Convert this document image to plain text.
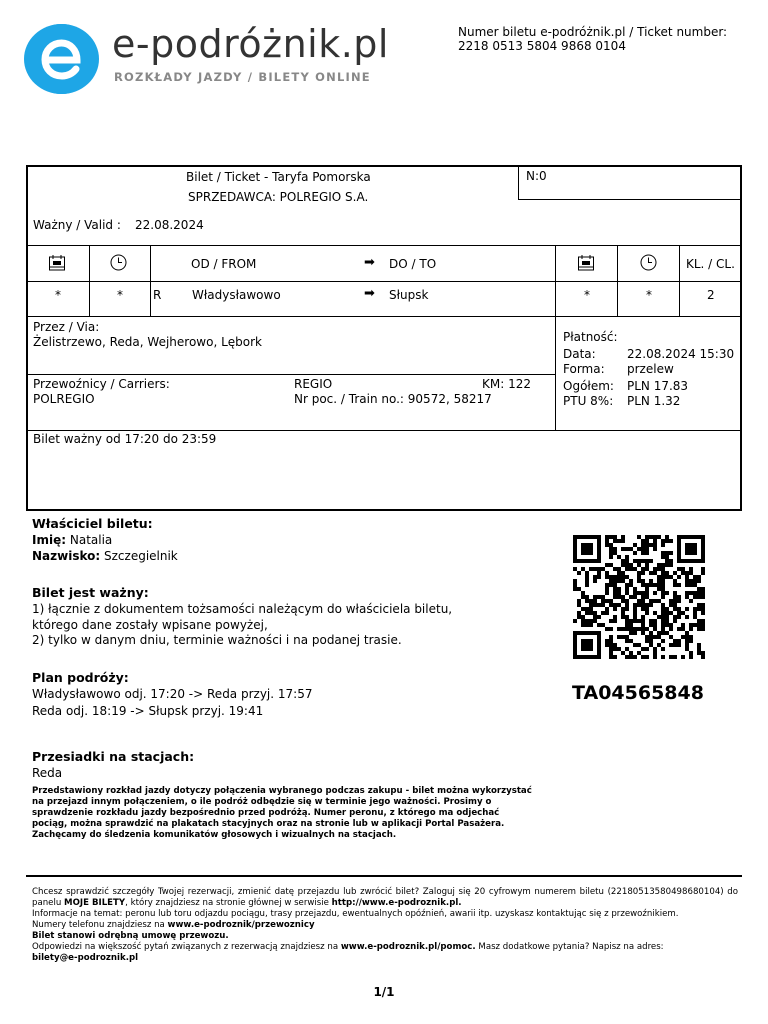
e-podróżnik.pl
ROZKŁADY JAZDY / BILETY ONLINE
Numer biletu e-podróżnik.pl / Ticket number:
2218 0513 5804 9868 0104
Bilet / Ticket - Taryfa Pomorska
SPRZEDAWCA: POLREGIO S.A.
N:0
Ważny / Valid : 22.08.2024
OD / FROM	➡ DO / TO	KL. / CL.
*	*	R	Władysławowo	➡ Słupsk	*	*	2
Przez / Via:
Żelistrzewo, Reda, Wejherowo, Lębork
Przewoźnicy / Carriers:
POLREGIO
REGIO	KM: 122
Nr poc. / Train no.: 90572, 58217
Płatność:
Data:	22.08.2024 15:30
Forma: przelew
Ogółem: PLN 17.83
PTU 8%: PLN 1.32
Bilet ważny od 17:20 do 23:59
Właściciel biletu:
Imię: Natalia
Nazwisko: Szczegielnik
Bilet jest ważny:
1) łącznie z dokumentem tożsamości należącym do właściciela biletu,
którego dane zostały wpisane powyżej,
2) tylko w danym dniu, terminie ważności i na podanej trasie.
Plan podróży:
Władysławowo odj. 17:20 -> Reda przyj. 17:57
Reda odj. 18:19 -> Słupsk przyj. 19:41
TA04565848
Przesiadki na stacjach:
Reda
Przedstawiony rozkład jazdy dotyczy połączenia wybranego podczas zakupu - bilet można wykorzystać na przejazd innym połączeniem, o ile podróż odbędzie się w terminie jego ważności. Prosimy o sprawdzenie rozkładu jazdy bezpośrednio przed podróżą. Numer peronu, z którego ma odjechać pociąg, można sprawdzić na plakatach stacyjnych oraz na stronie lub w aplikacji Portal Pasażera. Zachęcamy do śledzenia komunikatów głosowych i wizualnych na stacjach.
Chcesz sprawdzić szczegóły Twojej rezerwacji, zmienić datę przejazdu lub zwrócić bilet? Zaloguj się 20 cyfrowym numerem biletu (22180513580498680104) do panelu MOJE BILETY, który znajdziesz na stronie głównej w serwisie http://www.e-podroznik.pl.
Informacje na temat: peronu lub toru odjazdu pociągu, trasy przejazdu, ewentualnych opóźnień, awarii itp. uzyskasz kontaktując się z przewoźnikiem.
Numery telefonu znajdziesz na www.e-podroznik/przewoznicy
Bilet stanowi odrębną umowę przewozu.
Odpowiedzi na większość pytań związanych z rezerwacją znajdziesz na www.e-podroznik.pl/pomoc. Masz dodatkowe pytania? Napisz na adres:
bilety@e-podroznik.pl
1/1
